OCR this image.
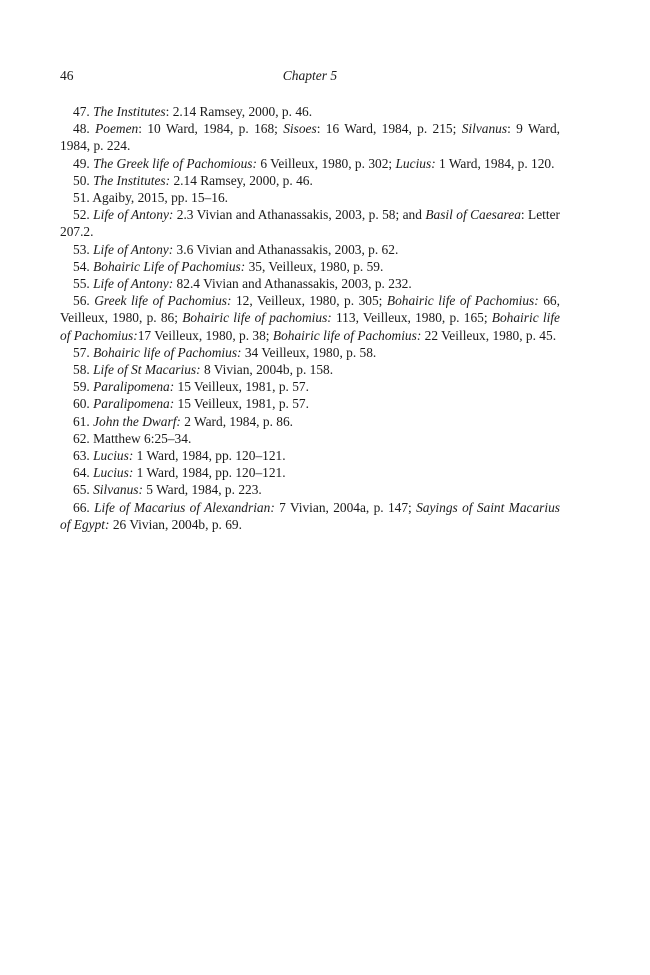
46	Chapter 5

47. The Institutes: 2.14 Ramsey, 2000, p. 46.

48. Poemen: 10 Ward, 1984, p. 168; Sisoes: 16 Ward, 1984, p. 215; Silvanus: 9 Ward, 1984, p. 224.

49. The Greek life of Pachomious: 6 Veilleux, 1980, p. 302; Lucius: 1 Ward, 1984, p. 120.

50. The Institutes: 2.14 Ramsey, 2000, p. 46.

51. Agaiby, 2015, pp. 15–16.

52. Life of Antony: 2.3 Vivian and Athanassakis, 2003, p. 58; and Basil of Caesarea: Letter 207.2.

53. Life of Antony: 3.6 Vivian and Athanassakis, 2003, p. 62.

54. Bohairic Life of Pachomius: 35, Veilleux, 1980, p. 59.

55. Life of Antony: 82.4 Vivian and Athanassakis, 2003, p. 232.

56. Greek life of Pachomius: 12, Veilleux, 1980, p. 305; Bohairic life of Pachomius: 66, Veilleux, 1980, p. 86; Bohairic life of pachomius: 113, Veilleux, 1980, p. 165; Bohairic life of Pachomius:17 Veilleux, 1980, p. 38; Bohairic life of Pachomius: 22 Veilleux, 1980, p. 45.

57. Bohairic life of Pachomius: 34 Veilleux, 1980, p. 58.

58. Life of St Macarius: 8 Vivian, 2004b, p. 158.

59. Paralipomena: 15 Veilleux, 1981, p. 57.

60. Paralipomena: 15 Veilleux, 1981, p. 57.

61. John the Dwarf: 2 Ward, 1984, p. 86.

62. Matthew 6:25–34.

63. Lucius: 1 Ward, 1984, pp. 120–121.

64. Lucius: 1 Ward, 1984, pp. 120–121.

65. Silvanus: 5 Ward, 1984, p. 223.

66. Life of Macarius of Alexandrian: 7 Vivian, 2004a, p. 147; Sayings of Saint Macarius of Egypt: 26 Vivian, 2004b, p. 69.
